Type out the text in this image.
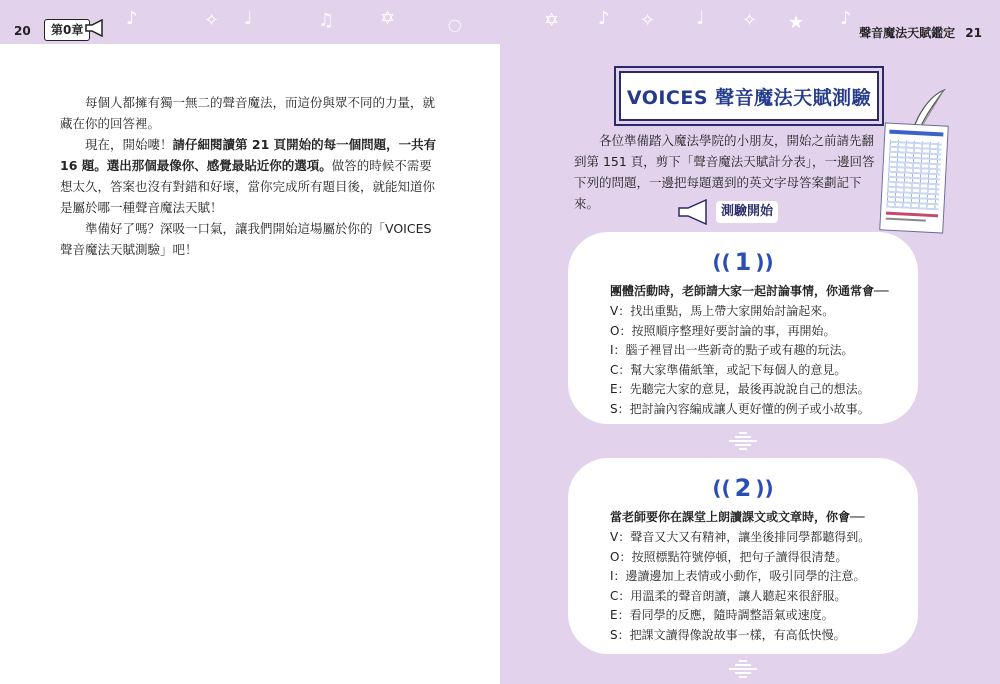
♪	✧ ♩	♫	✡	◯
20	第0章

每個人都擁有獨一無二的聲音魔法，而這份與眾不同的力量，就藏在你的回答裡。

現在，開始嘍！請仔細閱讀第 21 頁開始的每一個問題，一共有 16 題。選出那個最像你、感覺最貼近你的選項。做答的時候不需要想太久，答案也沒有對錯和好壞，當你完成所有題目後，就能知道你是屬於哪一種聲音魔法天賦！

準備好了嗎？深吸一口氣，讓我們開始這場屬於你的「VOICES 聲音魔法天賦測驗」吧！

✡ ♪ ✧ ♩ ✧ ★ ♪
聲音魔法天賦鑑定 21
VOICES 聲音魔法天賦測驗

各位準備踏入魔法學院的小朋友，開始之前請先翻到第 151 頁，剪下「聲音魔法天賦計分表」，一邊回答下列的問題，一邊把每題選到的英文字母答案劃記下來。

測驗開始
(( 1 ))
團體活動時，老師請大家一起討論事情，你通常會──
V：找出重點，馬上帶大家開始討論起來。
O：按照順序整理好要討論的事，再開始。
I：腦子裡冒出一些新奇的點子或有趣的玩法。
C：幫大家準備紙筆，或記下每個人的意見。
E：先聽完大家的意見，最後再說說自己的想法。
S：把討論內容編成讓人更好懂的例子或小故事。
(( 2 ))
當老師要你在課堂上朗讀課文或文章時，你會──
V：聲音又大又有精神，讓坐後排同學都聽得到。
O：按照標點符號停頓，把句子讀得很清楚。
I：邊讀邊加上表情或小動作，吸引同學的注意。
C：用溫柔的聲音朗讀，讓人聽起來很舒服。
E：看同學的反應，隨時調整語氣或速度。
S：把課文讀得像說故事一樣，有高低快慢。
